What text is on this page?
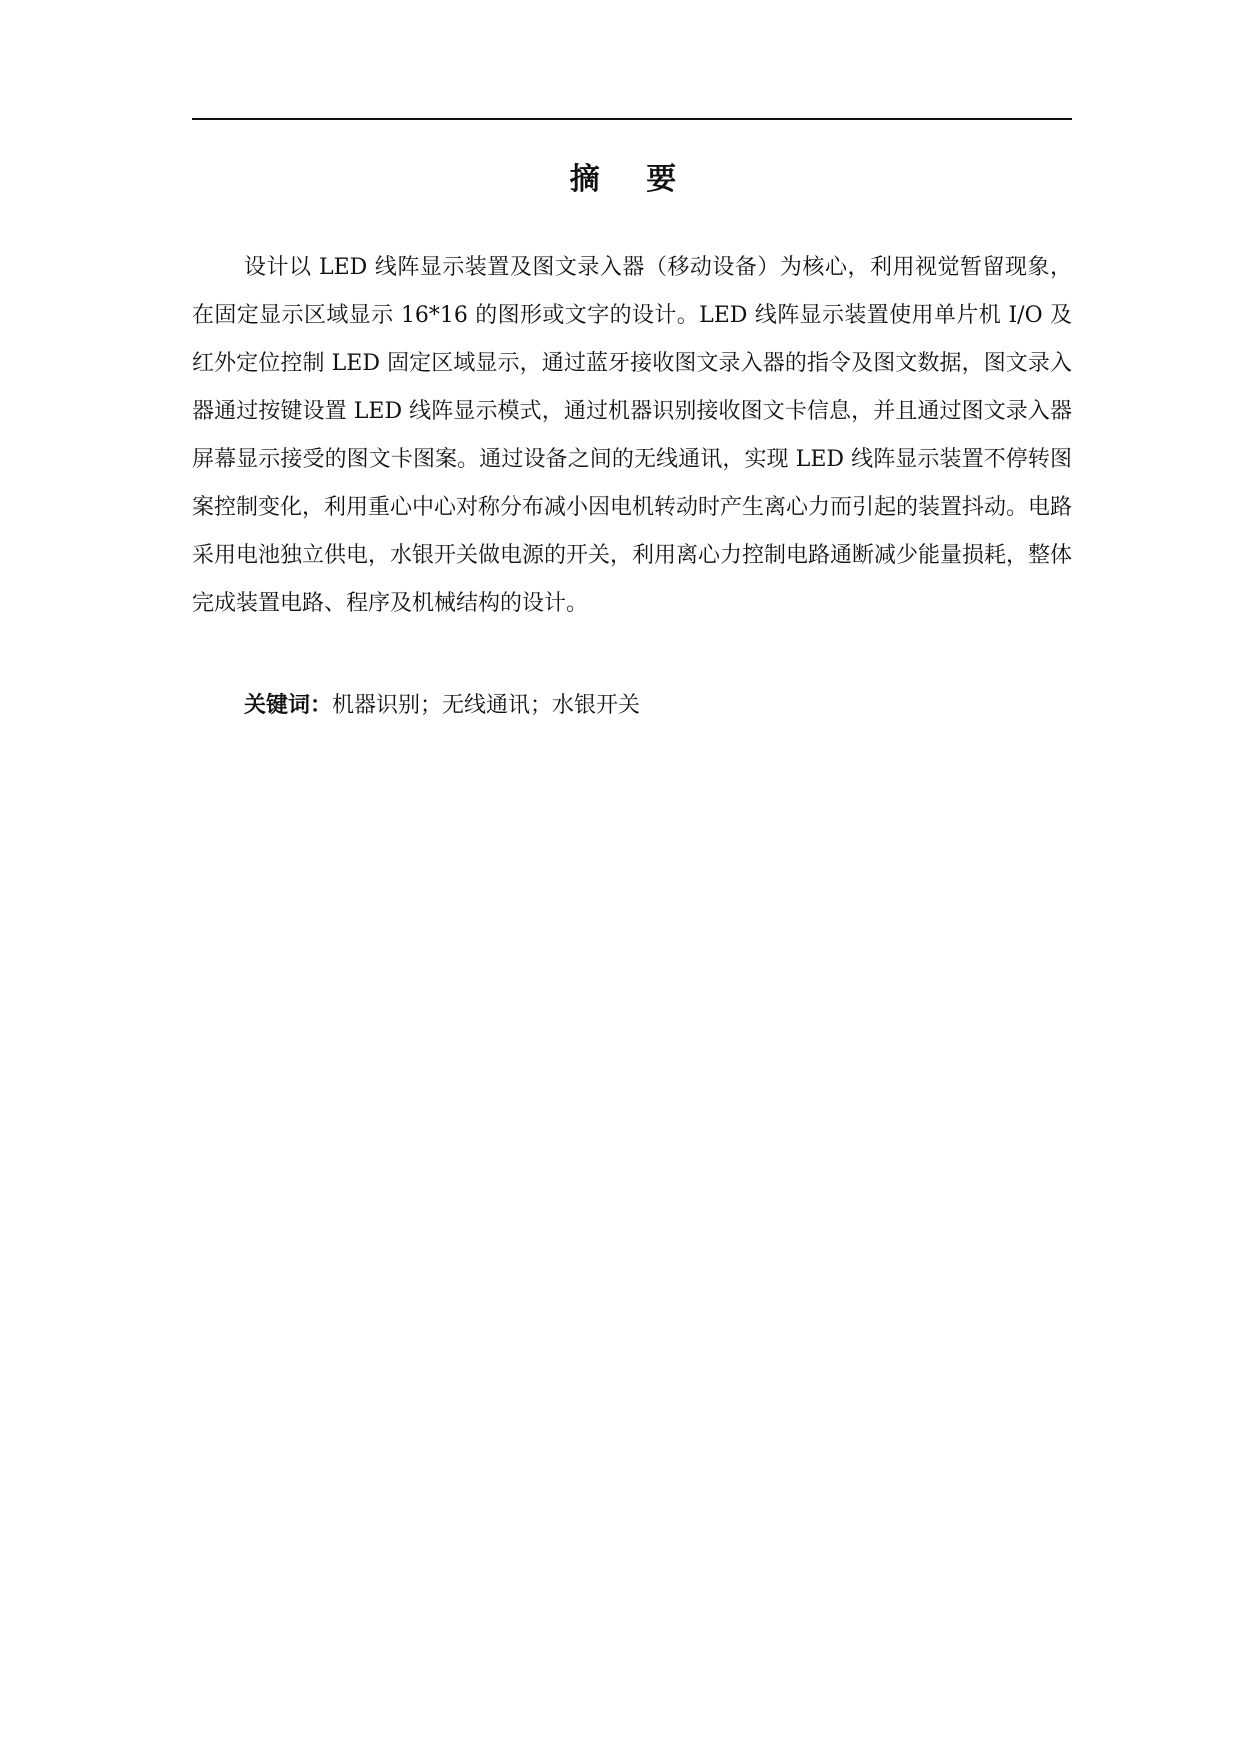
摘 要

设计以 LED 线阵显示装置及图文录入器（移动设备）为核心，利用视觉暂留现象，在固定显示区域显示 16*16 的图形或文字的设计。LED 线阵显示装置使用单片机 I/O 及红外定位控制 LED 固定区域显示，通过蓝牙接收图文录入器的指令及图文数据，图文录入器通过按键设置 LED 线阵显示模式，通过机器识别接收图文卡信息，并且通过图文录入器屏幕显示接受的图文卡图案。通过设备之间的无线通讯，实现 LED 线阵显示装置不停转图案控制变化，利用重心中心对称分布减小因电机转动时产生离心力而引起的装置抖动。电路采用电池独立供电，水银开关做电源的开关，利用离心力控制电路通断减少能量损耗，整体完成装置电路、程序及机械结构的设计。

关键词：机器识别；无线通讯；水银开关
